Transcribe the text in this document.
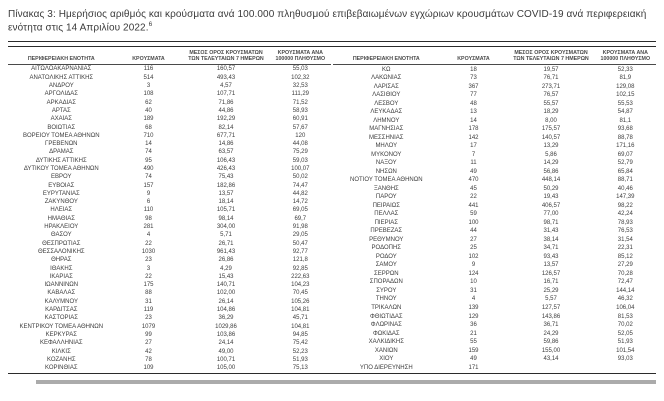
Πίνακας 3: Ημερήσιος αριθμός και κρούσματα ανά 100.000 πληθυσμού επιβεβαιωμένων εγχώριων κρουσμάτων COVID-19 ανά περιφερειακή ενότητα στις 14 Απριλίου 2022.$^6$
ΠΕΡΙΦΕΡΕΙΑΚΗ ΕΝΟΤΗΤΑ	ΚΡΟΥΣΜΑΤΑ	ΜΕΣΟΣ ΟΡΟΣ ΚΡΟΥΣΜΑΤΩΝ ΤΩΝ ΤΕΛΕΥΤΑΙΩΝ 7 ΗΜΕΡΩΝ	ΚΡΟΥΣΜΑΤΑ ΑΝΑ 100000 ΠΛΗΘΥΣΜΟ
ΑΙΤΩΛΟΑΚΑΡΝΑΝΙΑΣ	116	160,57	55,03
ΑΝΑΤΟΛΙΚΗΣ ΑΤΤΙΚΗΣ	514	493,43	102,32
ΑΝΔΡΟΥ	3	4,57	32,53
ΑΡΓΟΛΙΔΑΣ	108	107,71	111,29
ΑΡΚΑΔΙΑΣ	62	71,86	71,52
ΑΡΤΑΣ	40	44,86	58,93
ΑΧΑΪΑΣ	189	192,29	60,91
ΒΟΙΩΤΙΑΣ	68	82,14	57,67
ΒΟΡΕΙΟΥ ΤΟΜΕΑ ΑΘΗΝΩΝ	710	677,71	120
ΓΡΕΒΕΝΩΝ	14	14,86	44,08
ΔΡΑΜΑΣ	74	63,57	75,29
ΔΥΤΙΚΗΣ ΑΤΤΙΚΗΣ	95	106,43	59,03
ΔΥΤΙΚΟΥ ΤΟΜΕΑ ΑΘΗΝΩΝ	490	426,43	100,07
ΕΒΡΟΥ	74	75,43	50,02
ΕΥΒΟΙΑΣ	157	182,86	74,47
ΕΥΡΥΤΑΝΙΑΣ	9	13,57	44,82
ΖΑΚΥΝΘΟΥ	6	18,14	14,72
ΗΛΕΙΑΣ	110	105,71	69,05
ΗΜΑΘΙΑΣ	98	98,14	69,7
ΗΡΑΚΛΕΙΟΥ	281	304,00	91,98
ΘΑΣΟΥ	4	5,71	29,05
ΘΕΣΠΡΩΤΙΑΣ	22	26,71	50,47
ΘΕΣΣΑΛΟΝΙΚΗΣ	1030	961,43	92,77
ΘΗΡΑΣ	23	26,86	121,8
ΙΘΑΚΗΣ	3	4,29	92,85
ΙΚΑΡΙΑΣ	22	15,43	222,63
ΙΩΑΝΝΙΝΩΝ	175	140,71	104,23
ΚΑΒΑΛΑΣ	88	102,00	70,45
ΚΑΛΥΜΝΟΥ	31	26,14	105,26
ΚΑΡΔΙΤΣΑΣ	119	104,86	104,81
ΚΑΣΤΟΡΙΑΣ	23	36,29	45,71
ΚΕΝΤΡΙΚΟΥ ΤΟΜΕΑ ΑΘΗΝΩΝ	1079	1029,86	104,81
ΚΕΡΚΥΡΑΣ	99	103,86	94,85
ΚΕΦΑΛΛΗΝΙΑΣ	27	24,14	75,42
ΚΙΛΚΙΣ	42	49,00	52,23
ΚΟΖΑΝΗΣ	78	100,71	51,93
ΚΟΡΙΝΘΙΑΣ	109	105,00	75,13
ΠΕΡΙΦΕΡΕΙΑΚΗ ΕΝΟΤΗΤΑ	ΚΡΟΥΣΜΑΤΑ	ΜΕΣΟΣ ΟΡΟΣ ΚΡΟΥΣΜΑΤΩΝ ΤΩΝ ΤΕΛΕΥΤΑΙΩΝ 7 ΗΜΕΡΩΝ	ΚΡΟΥΣΜΑΤΑ ΑΝΑ 100000 ΠΛΗΘΥΣΜΟ
ΚΩ	18	19,57	52,33
ΛΑΚΩΝΙΑΣ	73	76,71	81,9
ΛΑΡΙΣΑΣ	367	273,71	129,08
ΛΑΣΙΘΙΟΥ	77	76,57	102,15
ΛΕΣΒΟΥ	48	55,57	55,53
ΛΕΥΚΑΔΑΣ	13	18,29	54,87
ΛΗΜΝΟΥ	14	8,00	81,1
ΜΑΓΝΗΣΙΑΣ	178	175,57	93,68
ΜΕΣΣΗΝΙΑΣ	142	140,57	88,78
ΜΗΛΟΥ	17	13,29	171,16
ΜΥΚΟΝΟΥ	7	5,86	69,07
ΝΑΞΟΥ	11	14,29	52,79
ΝΗΣΩΝ	49	56,86	65,84
ΝΟΤΙΟΥ ΤΟΜΕΑ ΑΘΗΝΩΝ	470	448,14	88,71
ΞΑΝΘΗΣ	45	50,29	40,46
ΠΑΡΟΥ	22	19,43	147,39
ΠΕΙΡΑΙΩΣ	441	406,57	98,22
ΠΕΛΛΑΣ	59	77,00	42,24
ΠΙΕΡΙΑΣ	100	98,71	78,93
ΠΡΕΒΕΖΑΣ	44	31,43	76,53
ΡΕΘΥΜΝΟΥ	27	38,14	31,54
ΡΟΔΟΠΗΣ	25	34,71	22,31
ΡΟΔΟΥ	102	93,43	85,12
ΣΑΜΟΥ	9	13,57	27,29
ΣΕΡΡΩΝ	124	126,57	70,28
ΣΠΟΡΑΔΩΝ	10	16,71	72,47
ΣΥΡΟΥ	31	25,29	144,14
ΤΗΝΟΥ	4	5,57	46,32
ΤΡΙΚΑΛΩΝ	139	127,57	106,04
ΦΘΙΩΤΙΔΑΣ	129	143,86	81,53
ΦΛΩΡΙΝΑΣ	36	36,71	70,02
ΦΩΚΙΔΑΣ	21	24,29	52,05
ΧΑΛΚΙΔΙΚΗΣ	55	59,86	51,93
ΧΑΝΙΩΝ	159	155,00	101,54
ΧΙΟΥ	49	43,14	93,03
ΥΠΟ ΔΙΕΡΕΥΝΗΣΗ	171		
